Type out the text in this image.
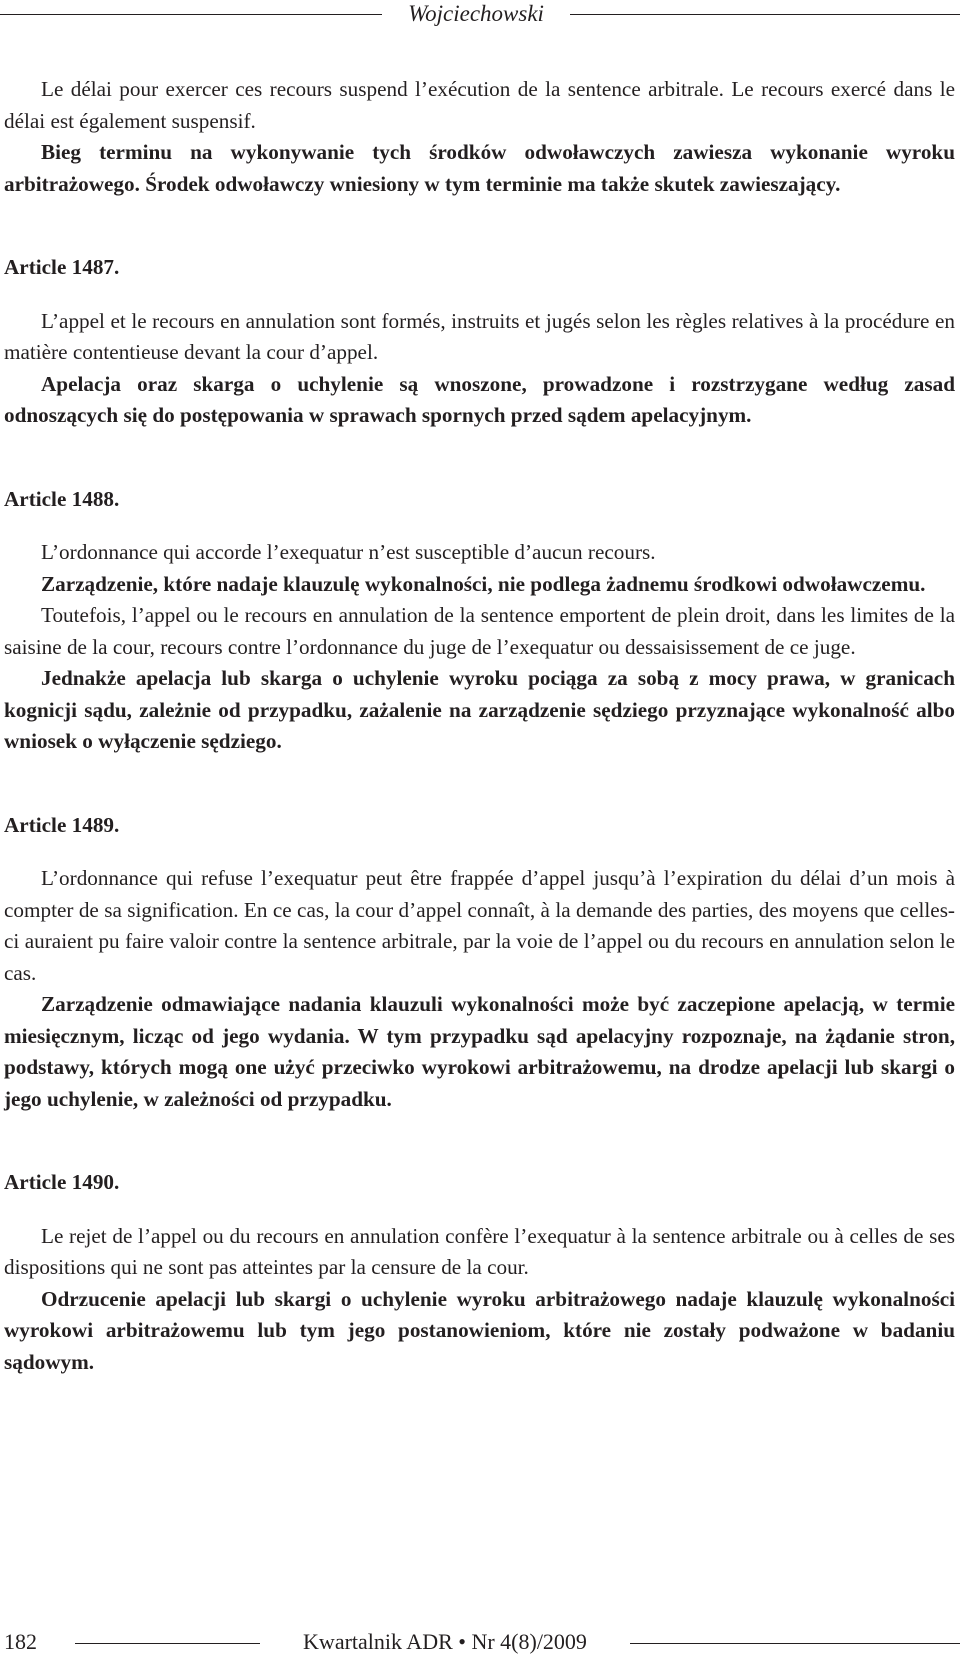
Wojciechowski

Le délai pour exercer ces recours suspend l’exécution de la sentence arbitrale. Le recours exercé dans le délai est également suspensif.

Bieg terminu na wykonywanie tych środków odwoławczych zawiesza wykonanie wyroku arbitrażowego. Środek odwoławczy wniesiony w tym terminie ma także skutek zawieszający.

Article 1487.

L’appel et le recours en annulation sont formés, instruits et jugés selon les règles relatives à la procédure en matière contentieuse devant la cour d’appel.

Apelacja oraz skarga o uchylenie są wnoszone, prowadzone i rozstrzygane według zasad odnoszących się do postępowania w sprawach spornych przed sądem apelacyjnym.

Article 1488.

L’ordonnance qui accorde l’exequatur n’est susceptible d’aucun recours.

Zarządzenie, które nadaje klauzulę wykonalności, nie podlega żadnemu środkowi odwoławczemu.

Toutefois, l’appel ou le recours en annulation de la sentence emportent de plein droit, dans les limites de la saisine de la cour, recours contre l’ordonnance du juge de l’exequatur ou dessaisissement de ce juge.

Jednakże apelacja lub skarga o uchylenie wyroku pociąga za sobą z mocy prawa, w granicach kognicji sądu, zależnie od przypadku, zażalenie na zarządzenie sędziego przyznające wykonalność albo wniosek o wyłączenie sędziego.

Article 1489.

L’ordonnance qui refuse l’exequatur peut être frappée d’appel jusqu’à l’expiration du délai d’un mois à compter de sa signification. En ce cas, la cour d’appel connaît, à la demande des parties, des moyens que celles-ci auraient pu faire valoir contre la sentence arbitrale, par la voie de l’appel ou du recours en annulation selon le cas.

Zarządzenie odmawiające nadania klauzuli wykonalności może być zaczepione apelacją, w termie miesięcznym, licząc od jego wydania. W tym przypadku sąd apelacyjny rozpoznaje, na żądanie stron, podstawy, których mogą one użyć przeciwko wyrokowi arbitrażowemu, na drodze apelacji lub skargi o jego uchylenie, w zależności od przypadku.

Article 1490.

Le rejet de l’appel ou du recours en annulation confère l’exequatur à la sentence arbitrale ou à celles de ses dispositions qui ne sont pas atteintes par la censure de la cour.

Odrzucenie apelacji lub skargi o uchylenie wyroku arbitrażowego nadaje klauzulę wykonalności wyrokowi arbitrażowemu lub tym jego postanowieniom, które nie zostały podważone w badaniu sądowym.

182	Kwartalnik ADR • Nr 4(8)/2009
